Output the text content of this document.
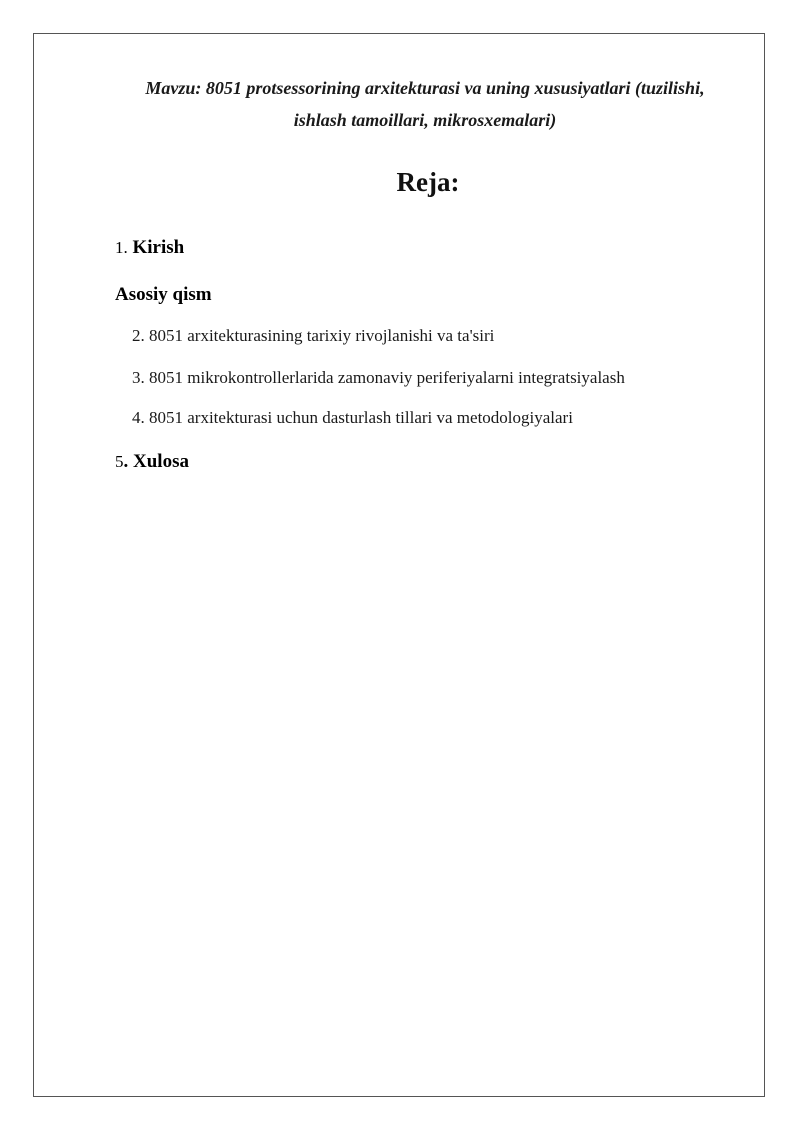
Mavzu: 8051 protsessorining arxitekturasi va uning xususiyatlari (tuzilishi,
ishlash tamoillari, mikrosxemalari)
Reja:
1. Kirish
Asosiy qism
2. 8051 arxitekturasining tarixiy rivojlanishi va ta'siri
3. 8051 mikrokontrollerlarida zamonaviy periferiyalarni integratsiyalash
4. 8051 arxitekturasi uchun dasturlash tillari va metodologiyalari
5. Xulosa
